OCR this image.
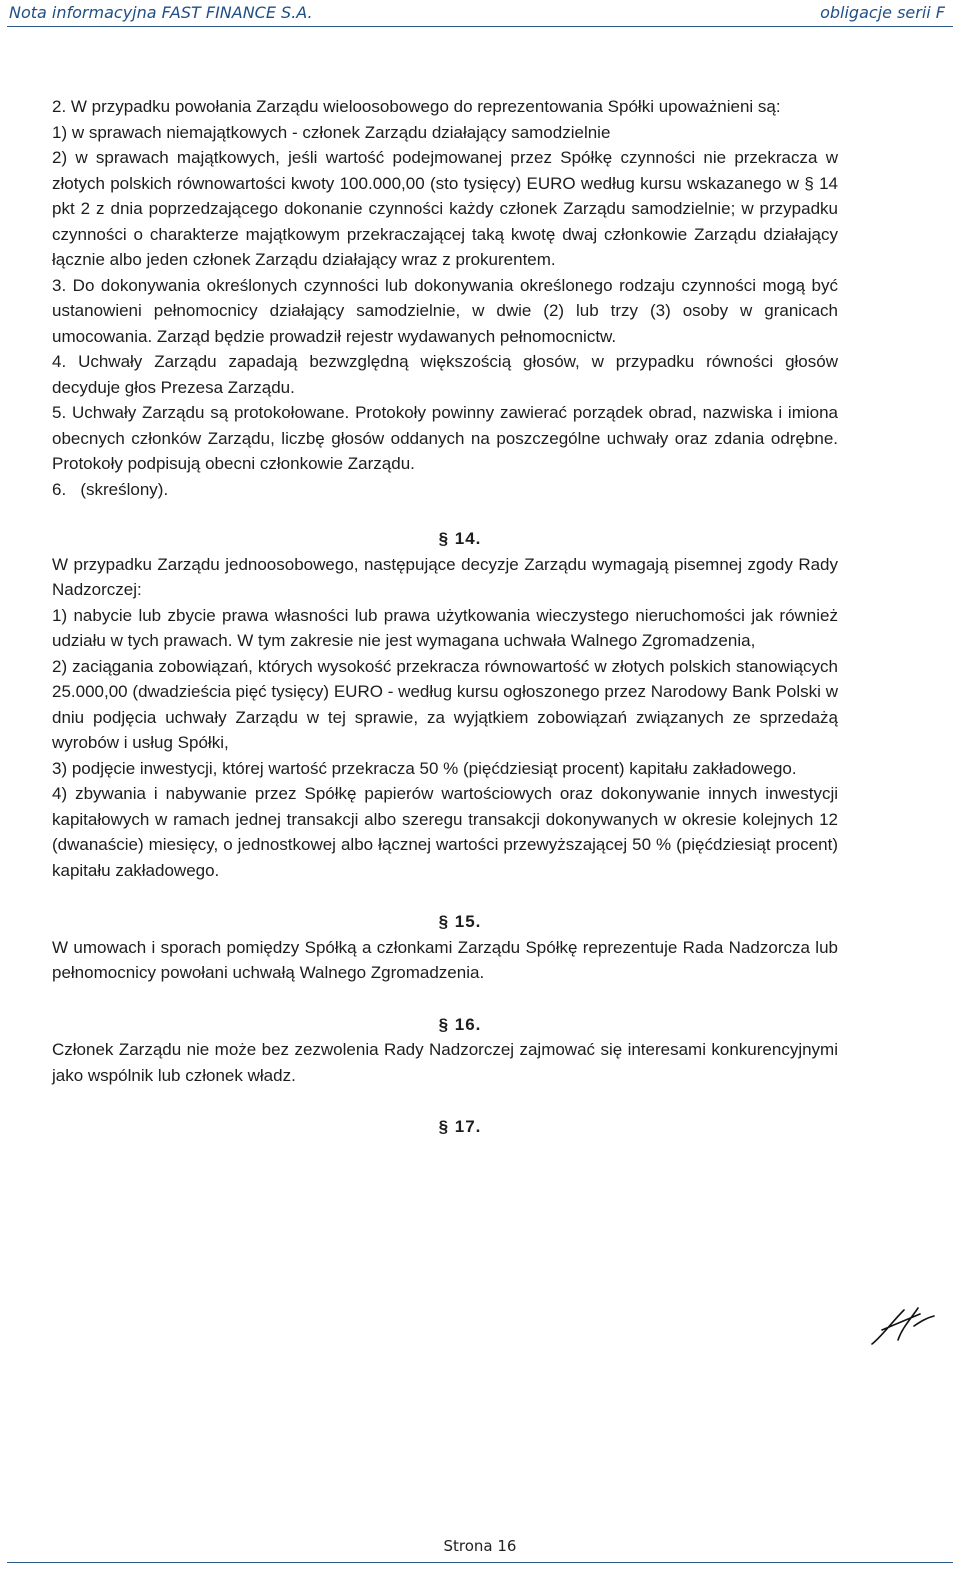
Nota informacyjna FAST FINANCE S.A.	obligacje serii F

2. W przypadku powołania Zarządu wieloosobowego do reprezentowania Spółki upoważnieni są:

1) w sprawach niemajątkowych - członek Zarządu działający samodzielnie

2) w sprawach majątkowych, jeśli wartość podejmowanej przez Spółkę czynności nie przekracza w złotych polskich równowartości kwoty 100.000,00 (sto tysięcy) EURO według kursu wskazanego w § 14 pkt 2 z dnia poprzedzającego dokonanie czynności każdy członek Zarządu samodzielnie; w przypadku czynności o charakterze majątkowym przekraczającej taką kwotę dwaj członkowie Zarządu działający łącznie albo jeden członek Zarządu działający wraz z prokurentem.

3. Do dokonywania określonych czynności lub dokonywania określonego rodzaju czynności mogą być ustanowieni pełnomocnicy działający samodzielnie, w dwie (2) lub trzy (3) osoby w granicach umocowania. Zarząd będzie prowadził rejestr wydawanych pełnomocnictw.

4. Uchwały Zarządu zapadają bezwzględną większością głosów, w przypadku równości głosów decyduje głos Prezesa Zarządu.

5. Uchwały Zarządu są protokołowane. Protokoły powinny zawierać porządek obrad, nazwiska i imiona obecnych członków Zarządu, liczbę głosów oddanych na poszczególne uchwały oraz zdania odrębne. Protokoły podpisują obecni członkowie Zarządu.

6.   (skreślony).

§ 14.

W przypadku Zarządu jednoosobowego, następujące decyzje Zarządu wymagają pisemnej zgody Rady Nadzorczej:

1) nabycie lub zbycie prawa własności lub prawa użytkowania wieczystego nieruchomości jak również udziału w tych prawach. W tym zakresie nie jest wymagana uchwała Walnego Zgromadzenia,

2) zaciągania zobowiązań, których wysokość przekracza równowartość w złotych polskich stanowiących 25.000,00 (dwadzieścia pięć tysięcy) EURO - według kursu ogłoszonego przez Narodowy Bank Polski w dniu podjęcia uchwały Zarządu w tej sprawie, za wyjątkiem zobowiązań związanych ze sprzedażą wyrobów i usług Spółki,

3) podjęcie inwestycji, której wartość przekracza 50 % (pięćdziesiąt procent) kapitału zakładowego.

4) zbywania i nabywanie przez Spółkę papierów wartościowych oraz dokonywanie innych inwestycji kapitałowych w ramach jednej transakcji albo szeregu transakcji dokonywanych w okresie kolejnych 12 (dwanaście) miesięcy, o jednostkowej albo łącznej wartości przewyższającej 50 % (pięćdziesiąt procent) kapitału zakładowego.

§ 15.

W umowach i sporach pomiędzy Spółką a członkami Zarządu Spółkę reprezentuje Rada Nadzorcza lub pełnomocnicy powołani uchwałą Walnego Zgromadzenia.

§ 16.

Członek Zarządu nie może bez zezwolenia Rady Nadzorczej zajmować się interesami konkurencyjnymi jako wspólnik lub członek władz.

§ 17.

Strona 16
